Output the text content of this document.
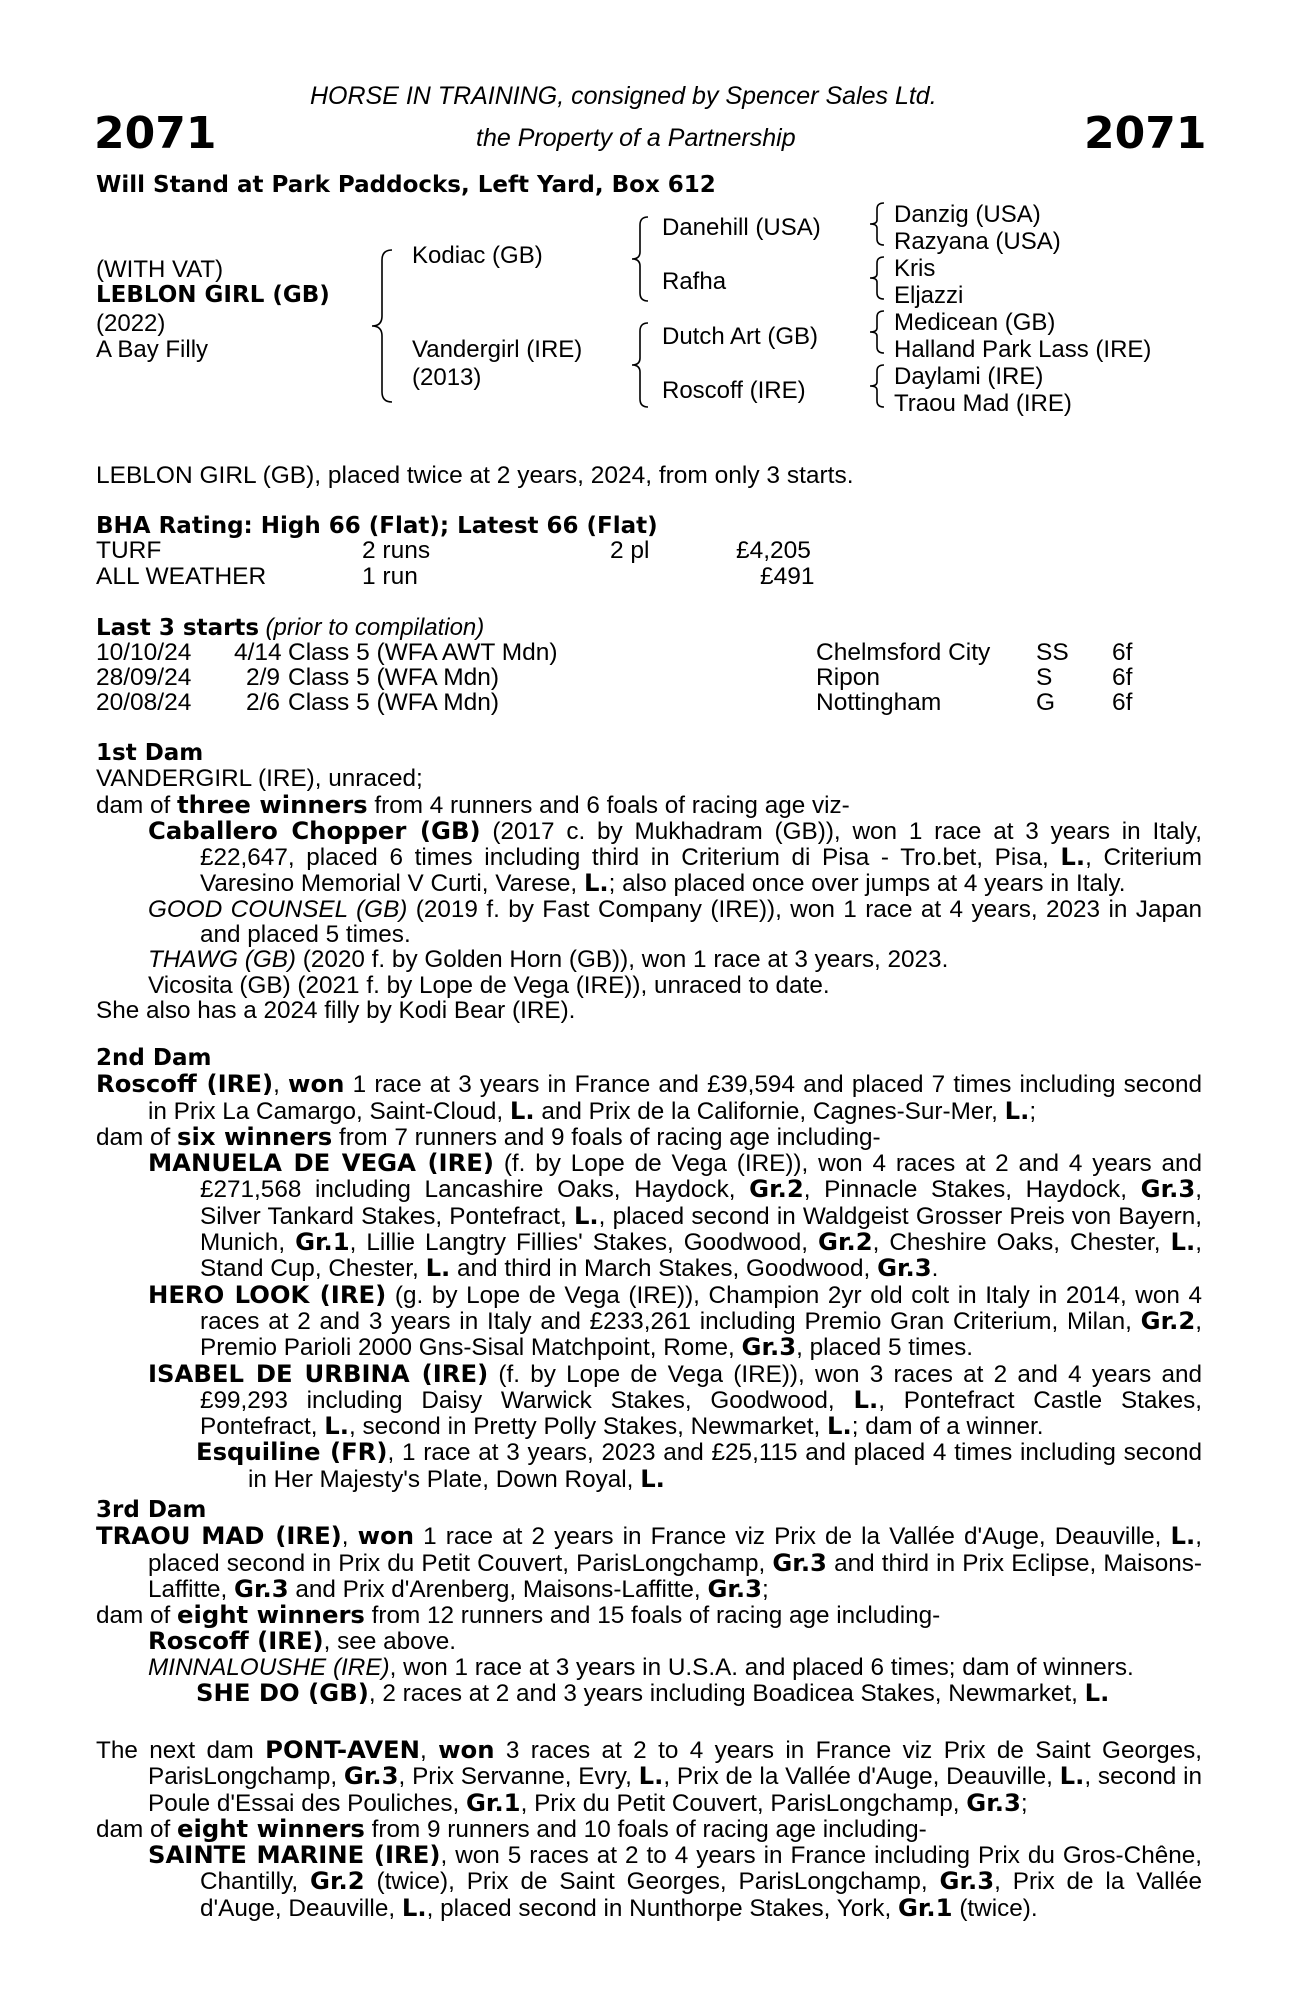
2071	2071
HORSE IN TRAINING, consigned by Spencer Sales Ltd.
the Property of a Partnership
Will Stand at Park Paddocks, Left Yard, Box 612
(WITH VAT)
LEBLON GIRL (GB)
(2022)
A Bay Filly
Kodiac (GB)
Vandergirl (IRE)
(2013)
Danehill (USA)
Rafha
Dutch Art (GB)
Roscoff (IRE)
Danzig (USA)
Razyana (USA)
Kris
Eljazzi
Medicean (GB)
Halland Park Lass (IRE)
Daylami (IRE)
Traou Mad (IRE)
LEBLON GIRL (GB), placed twice at 2 years, 2024, from only 3 starts.
BHA Rating: High 66 (Flat); Latest 66 (Flat)
TURF	2 runs	2 pl	£4,205
ALL WEATHER	1 run	£491
Last 3 starts (prior to compilation)
10/10/24 4/14 Class 5 (WFA AWT Mdn)	Chelmsford City SS 6f
28/09/24 2/9 Class 5 (WFA Mdn)	Ripon	S 6f
20/08/24 2/6 Class 5 (WFA Mdn)	Nottingham	G 6f

1st Dam

VANDERGIRL (IRE), unraced;

dam of three winners from 4 runners and 6 foals of racing age viz-

Caballero Chopper (GB) (2017 c. by Mukhadram (GB)), won 1 race at 3 years in Italy, £22,647, placed 6 times including third in Criterium di Pisa - Tro.bet, Pisa, L., Criterium Varesino Memorial V Curti, Varese, L.; also placed once over jumps at 4 years in Italy.

GOOD COUNSEL (GB) (2019 f. by Fast Company (IRE)), won 1 race at 4 years, 2023 in Japan and placed 5 times.

THAWG (GB) (2020 f. by Golden Horn (GB)), won 1 race at 3 years, 2023.

Vicosita (GB) (2021 f. by Lope de Vega (IRE)), unraced to date.

She also has a 2024 filly by Kodi Bear (IRE).

2nd Dam

Roscoff (IRE), won 1 race at 3 years in France and £39,594 and placed 7 times including second in Prix La Camargo, Saint-Cloud, L. and Prix de la Californie, Cagnes-Sur-Mer, L.;

dam of six winners from 7 runners and 9 foals of racing age including-

MANUELA DE VEGA (IRE) (f. by Lope de Vega (IRE)), won 4 races at 2 and 4 years and £271,568 including Lancashire Oaks, Haydock, Gr.2, Pinnacle Stakes, Haydock, Gr.3, Silver Tankard Stakes, Pontefract, L., placed second in Waldgeist Grosser Preis von Bayern, Munich, Gr.1, Lillie Langtry Fillies' Stakes, Goodwood, Gr.2, Cheshire Oaks, Chester, L., Stand Cup, Chester, L. and third in March Stakes, Goodwood, Gr.3.

HERO LOOK (IRE) (g. by Lope de Vega (IRE)), Champion 2yr old colt in Italy in 2014, won 4 races at 2 and 3 years in Italy and £233,261 including Premio Gran Criterium, Milan, Gr.2, Premio Parioli 2000 Gns-Sisal Matchpoint, Rome, Gr.3, placed 5 times.

ISABEL DE URBINA (IRE) (f. by Lope de Vega (IRE)), won 3 races at 2 and 4 years and £99,293 including Daisy Warwick Stakes, Goodwood, L., Pontefract Castle Stakes, Pontefract, L., second in Pretty Polly Stakes, Newmarket, L.; dam of a winner.

Esquiline (FR), 1 race at 3 years, 2023 and £25,115 and placed 4 times including second in Her Majesty's Plate, Down Royal, L.

3rd Dam

TRAOU MAD (IRE), won 1 race at 2 years in France viz Prix de la Vallée d'Auge, Deauville, L., placed second in Prix du Petit Couvert, ParisLongchamp, Gr.3 and third in Prix Eclipse, Maisons-Laffitte, Gr.3 and Prix d'Arenberg, Maisons-Laffitte, Gr.3;

dam of eight winners from 12 runners and 15 foals of racing age including-

Roscoff (IRE), see above.

MINNALOUSHE (IRE), won 1 race at 3 years in U.S.A. and placed 6 times; dam of winners.

SHE DO (GB), 2 races at 2 and 3 years including Boadicea Stakes, Newmarket, L.

The next dam PONT-AVEN, won 3 races at 2 to 4 years in France viz Prix de Saint Georges, ParisLongchamp, Gr.3, Prix Servanne, Evry, L., Prix de la Vallée d'Auge, Deauville, L., second in Poule d'Essai des Pouliches, Gr.1, Prix du Petit Couvert, ParisLongchamp, Gr.3;

dam of eight winners from 9 runners and 10 foals of racing age including-

SAINTE MARINE (IRE), won 5 races at 2 to 4 years in France including Prix du Gros-Chêne, Chantilly, Gr.2 (twice), Prix de Saint Georges, ParisLongchamp, Gr.3, Prix de la Vallée d'Auge, Deauville, L., placed second in Nunthorpe Stakes, York, Gr.1 (twice).
